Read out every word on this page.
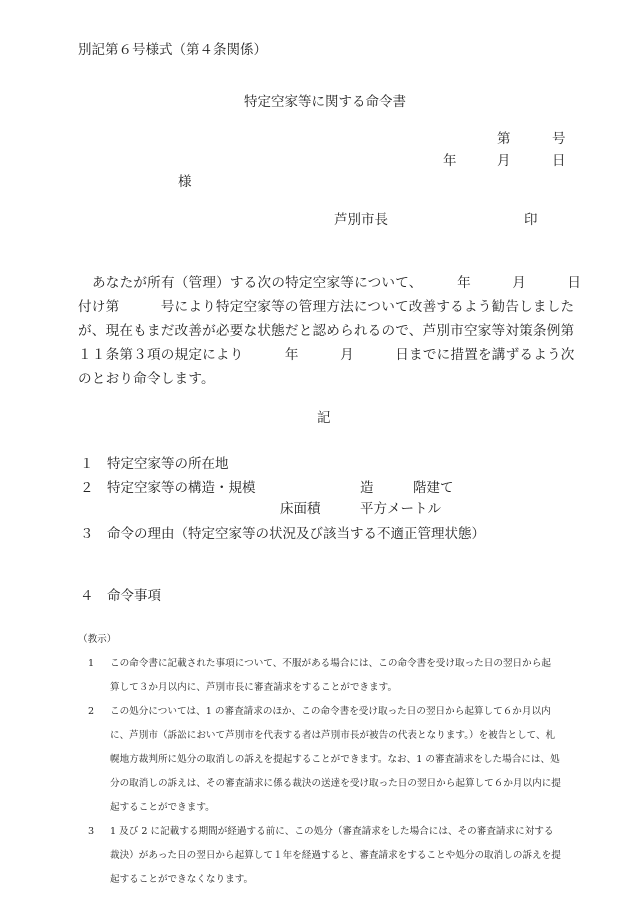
別記第６号様式（第４条関係）
特定空家等に関する命令書
第	号
年	月	日
様
芦別市長	印
あなたが所有（管理）する次の特定空家等について、　　　年　　　月　　　日
付け第　　　号により特定空家等の管理方法について改善するよう勧告しました
が、現在もまだ改善が必要な状態だと認められるので、芦別市空家等対策条例第
１１条第３項の規定により　　　年　　　月　　　日までに措置を講ずるよう次
のとおり命令します。
記
１　特定空家等の所在地
２　特定空家等の構造・規模	造	階建て
床面積	平方メートル
３　命令の理由（特定空家等の状況及び該当する不適正管理状態）
４　命令事項
（教示）
1	この命令書に記載された事項について、不服がある場合には、この命令書を受け取った日の翌日から起
算して３か月以内に、芦別市長に審査請求をすることができます。
2	この処分については、1 の審査請求のほか、この命令書を受け取った日の翌日から起算して６か月以内
に、芦別市（訴訟において芦別市を代表する者は芦別市長が被告の代表となります。）を被告として、札
幌地方裁判所に処分の取消しの訴えを提起することができます。なお、1 の審査請求をした場合には、処
分の取消しの訴えは、その審査請求に係る裁決の送達を受け取った日の翌日から起算して６か月以内に提
起することができます。
3	1 及び 2 に記載する期間が経過する前に、この処分（審査請求をした場合には、その審査請求に対する
裁決）があった日の翌日から起算して１年を経過すると、審査請求をすることや処分の取消しの訴えを提
起することができなくなります。
